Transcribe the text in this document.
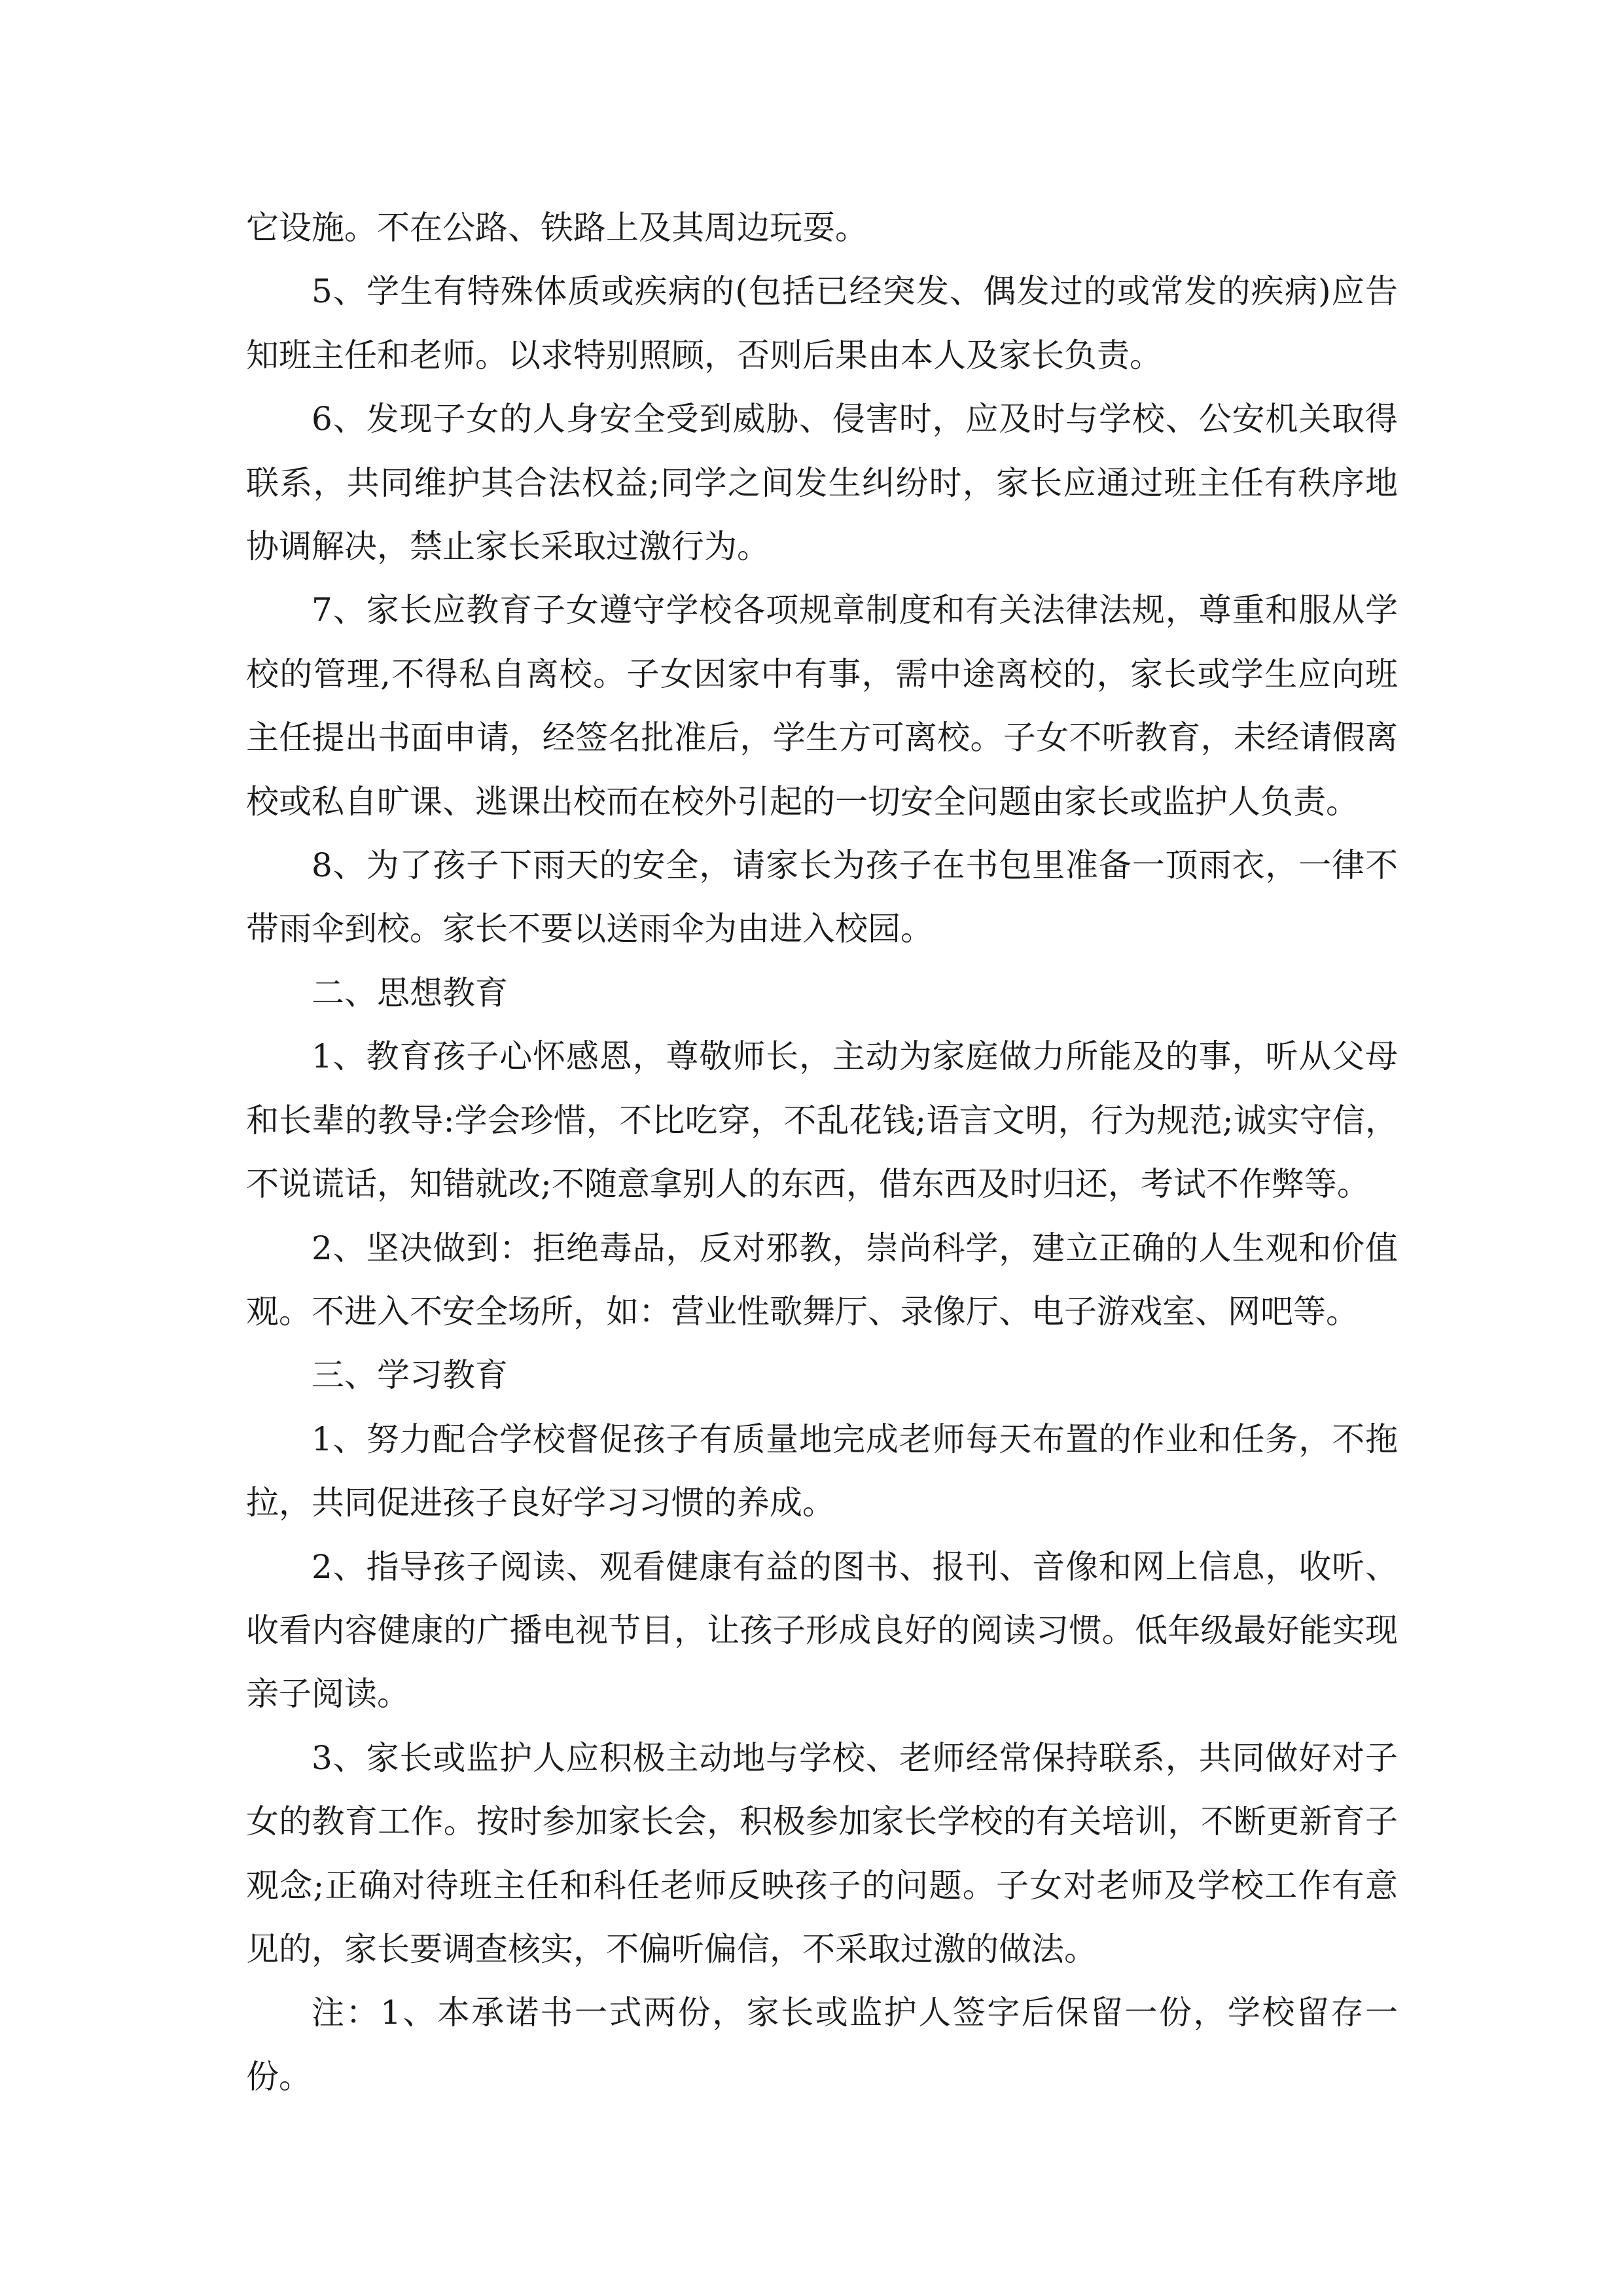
它设施。不在公路、铁路上及其周边玩耍。

5、学生有特殊体质或疾病的(包括已经突发、偶发过的或常发的疾病)应告知班主任和老师。以求特别照顾，否则后果由本人及家长负责。

6、发现子女的人身安全受到威胁、侵害时，应及时与学校、公安机关取得联系，共同维护其合法权益;同学之间发生纠纷时，家长应通过班主任有秩序地协调解决，禁止家长采取过激行为。

7、家长应教育子女遵守学校各项规章制度和有关法律法规，尊重和服从学校的管理,不得私自离校。子女因家中有事，需中途离校的，家长或学生应向班主任提出书面申请，经签名批准后，学生方可离校。子女不听教育，未经请假离校或私自旷课、逃课出校而在校外引起的一切安全问题由家长或监护人负责。

8、为了孩子下雨天的安全，请家长为孩子在书包里准备一顶雨衣，一律不带雨伞到校。家长不要以送雨伞为由进入校园。

二、思想教育

1、教育孩子心怀感恩，尊敬师长，主动为家庭做力所能及的事，听从父母和长辈的教导:学会珍惜，不比吃穿，不乱花钱;语言文明，行为规范;诚实守信，不说谎话，知错就改;不随意拿别人的东西，借东西及时归还，考试不作弊等。

2、坚决做到：拒绝毒品，反对邪教，崇尚科学，建立正确的人生观和价值观。不进入不安全场所，如：营业性歌舞厅、录像厅、电子游戏室、网吧等。

三、学习教育

1、努力配合学校督促孩子有质量地完成老师每天布置的作业和任务，不拖拉，共同促进孩子良好学习习惯的养成。

2、指导孩子阅读、观看健康有益的图书、报刊、音像和网上信息，收听、收看内容健康的广播电视节目，让孩子形成良好的阅读习惯。低年级最好能实现亲子阅读。

3、家长或监护人应积极主动地与学校、老师经常保持联系，共同做好对子女的教育工作。按时参加家长会，积极参加家长学校的有关培训，不断更新育子观念;正确对待班主任和科任老师反映孩子的问题。子女对老师及学校工作有意见的，家长要调查核实，不偏听偏信，不采取过激的做法。

注：1、本承诺书一式两份，家长或监护人签字后保留一份，学校留存一份。
